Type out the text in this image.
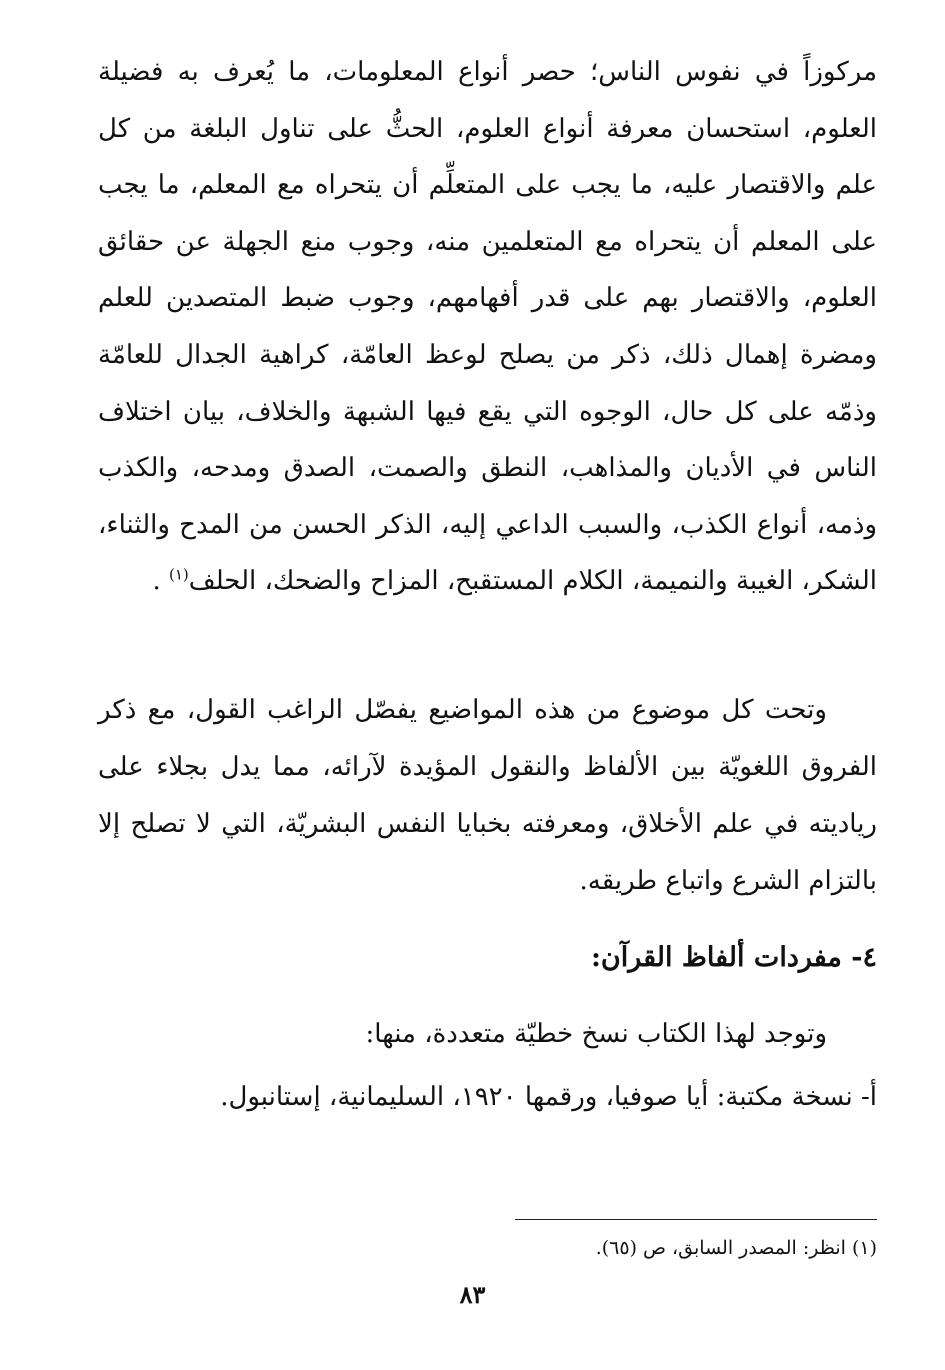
مركوزاً في نفوس الناس؛ حصر أنواع المعلومات، ما يُعرف به فضيلة العلوم، استحسان معرفة أنواع العلوم، الحثُّ على تناول البلغة من كل علم والاقتصار عليه، ما يجب على المتعلِّم أن يتحراه مع المعلم، ما يجب على المعلم أن يتحراه مع المتعلمين منه، وجوب منع الجهلة عن حقائق العلوم، والاقتصار بهم على قدر أفهامهم، وجوب ضبط المتصدين للعلم ومضرة إهمال ذلك، ذكر من يصلح لوعظ العامّة، كراهية الجدال للعامّة وذمّه على كل حال، الوجوه التي يقع فيها الشبهة والخلاف، بيان اختلاف الناس في الأديان والمذاهب، النطق والصمت، الصدق ومدحه، والكذب وذمه، أنواع الكذب، والسبب الداعي إليه، الذكر الحسن من المدح والثناء، الشكر، الغيبة والنميمة، الكلام المستقبح، المزاح والضحك، الحلف$^{(١)}$ .

وتحت كل موضوع من هذه المواضيع يفصّل الراغب القول، مع ذكر الفروق اللغويّة بين الألفاظ والنقول المؤيدة لآرائه، مما يدل بجلاء على رياديته في علم الأخلاق، ومعرفته بخبايا النفس البشريّة، التي لا تصلح إلا بالتزام الشرع واتباع طريقه.

٤- مفردات ألفاظ القرآن:
وتوجد لهذا الكتاب نسخ خطيّة متعددة، منها:
أ- نسخة مكتبة: أيا صوفيا، ورقمها ١٩٢٠، السليمانية، إستانبول.
(١) انظر: المصدر السابق، ص (٦٥).
٨٣
